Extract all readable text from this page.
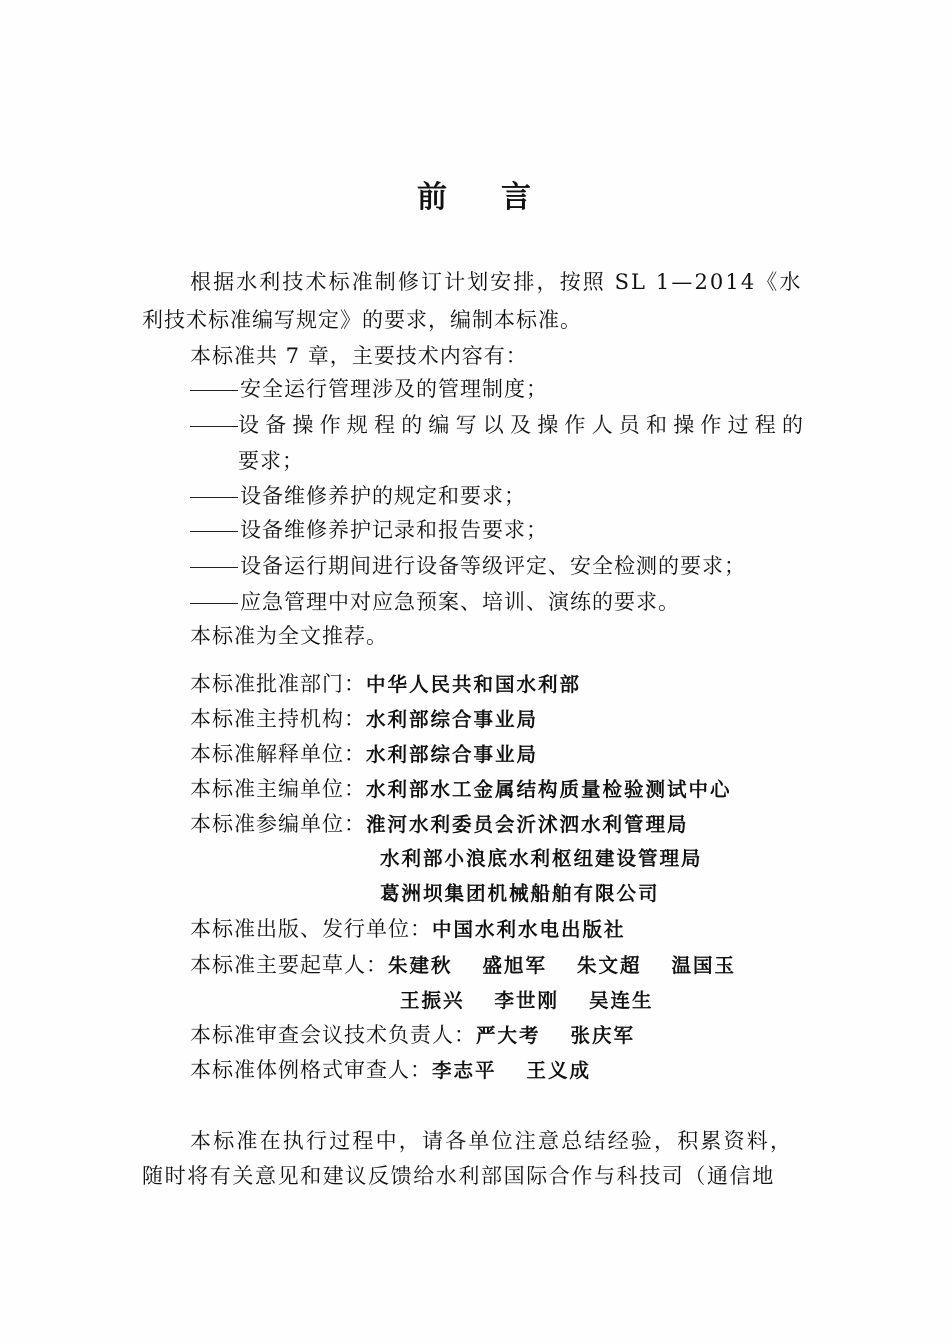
前 言
根据水利技术标准制修订计划安排，按照 SL 1—2014《水
利技术标准编写规定》的要求，编制本标准。
本标准共 7 章，主要技术内容有：
安全运行管理涉及的管理制度；
设备操作规程的编写以及操作人员和操作过程的
要求；
设备维修养护的规定和要求；
设备维修养护记录和报告要求；
设备运行期间进行设备等级评定、安全检测的要求；
应急管理中对应急预案、培训、演练的要求。
本标准为全文推荐。
本标准批准部门：中华人民共和国水利部
本标准主持机构：水利部综合事业局
本标准解释单位：水利部综合事业局
本标准主编单位：水利部水工金属结构质量检验测试中心
本标准参编单位：淮河水利委员会沂沭泗水利管理局
水利部小浪底水利枢纽建设管理局
葛洲坝集团机械船舶有限公司
本标准出版、发行单位：中国水利水电出版社
本标准主要起草人：朱建秋 盛旭军 朱文超 温国玉
王振兴 李世刚 吴连生
本标准审查会议技术负责人：严大考 张庆军
本标准体例格式审查人：李志平 王义成
本标准在执行过程中，请各单位注意总结经验，积累资料，
随时将有关意见和建议反馈给水利部国际合作与科技司（通信地
